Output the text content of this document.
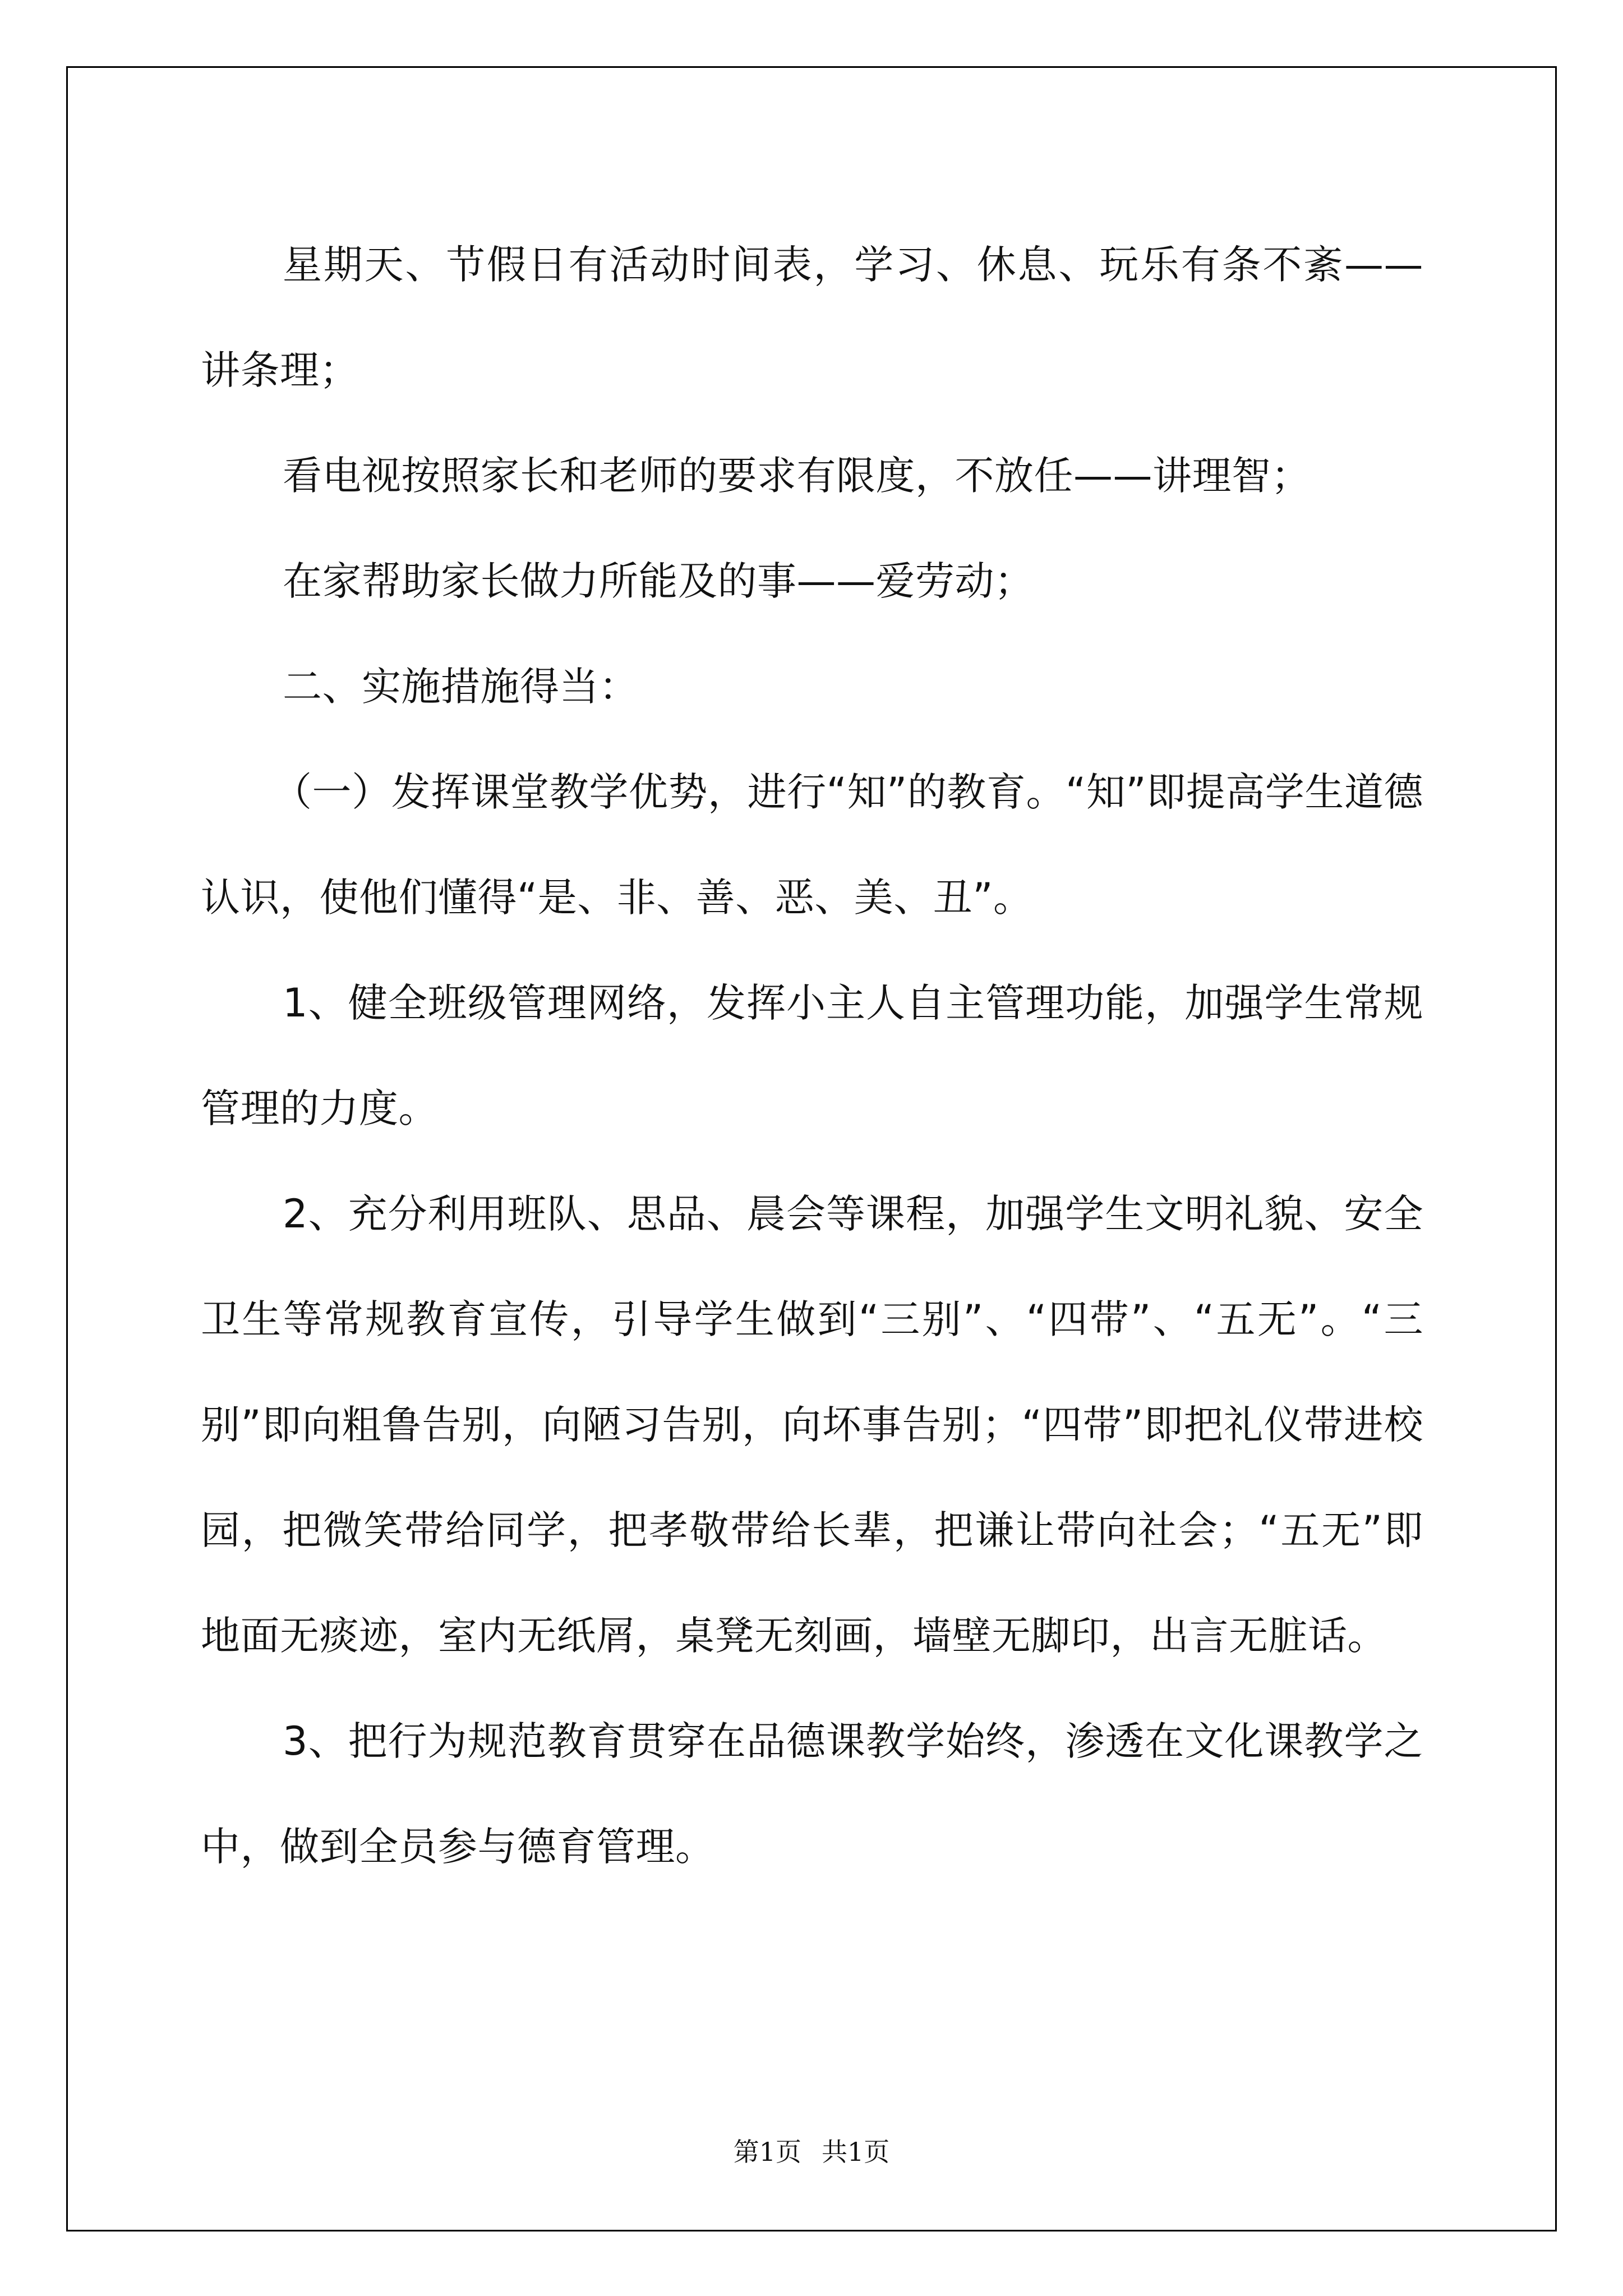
星期天、节假日有活动时间表，学习、休息、玩乐有条不紊——讲条理；

看电视按照家长和老师的要求有限度，不放任——讲理智；

在家帮助家长做力所能及的事——爱劳动；

二、实施措施得当：

（一）发挥课堂教学优势，进行“知”的教育。“知”即提高学生道德认识，使他们懂得“是、非、善、恶、美、丑”。

1、健全班级管理网络，发挥小主人自主管理功能，加强学生常规管理的力度。

2、充分利用班队、思品、晨会等课程，加强学生文明礼貌、安全卫生等常规教育宣传，引导学生做到“三别”、“四带”、“五无”。“三别”即向粗鲁告别，向陋习告别，向坏事告别；“四带”即把礼仪带进校园，把微笑带给同学，把孝敬带给长辈，把谦让带向社会；“五无”即地面无痰迹，室内无纸屑，桌凳无刻画，墙壁无脚印，出言无脏话。

3、把行为规范教育贯穿在品德课教学始终，渗透在文化课教学之中，做到全员参与德育管理。

第1页 共1页
